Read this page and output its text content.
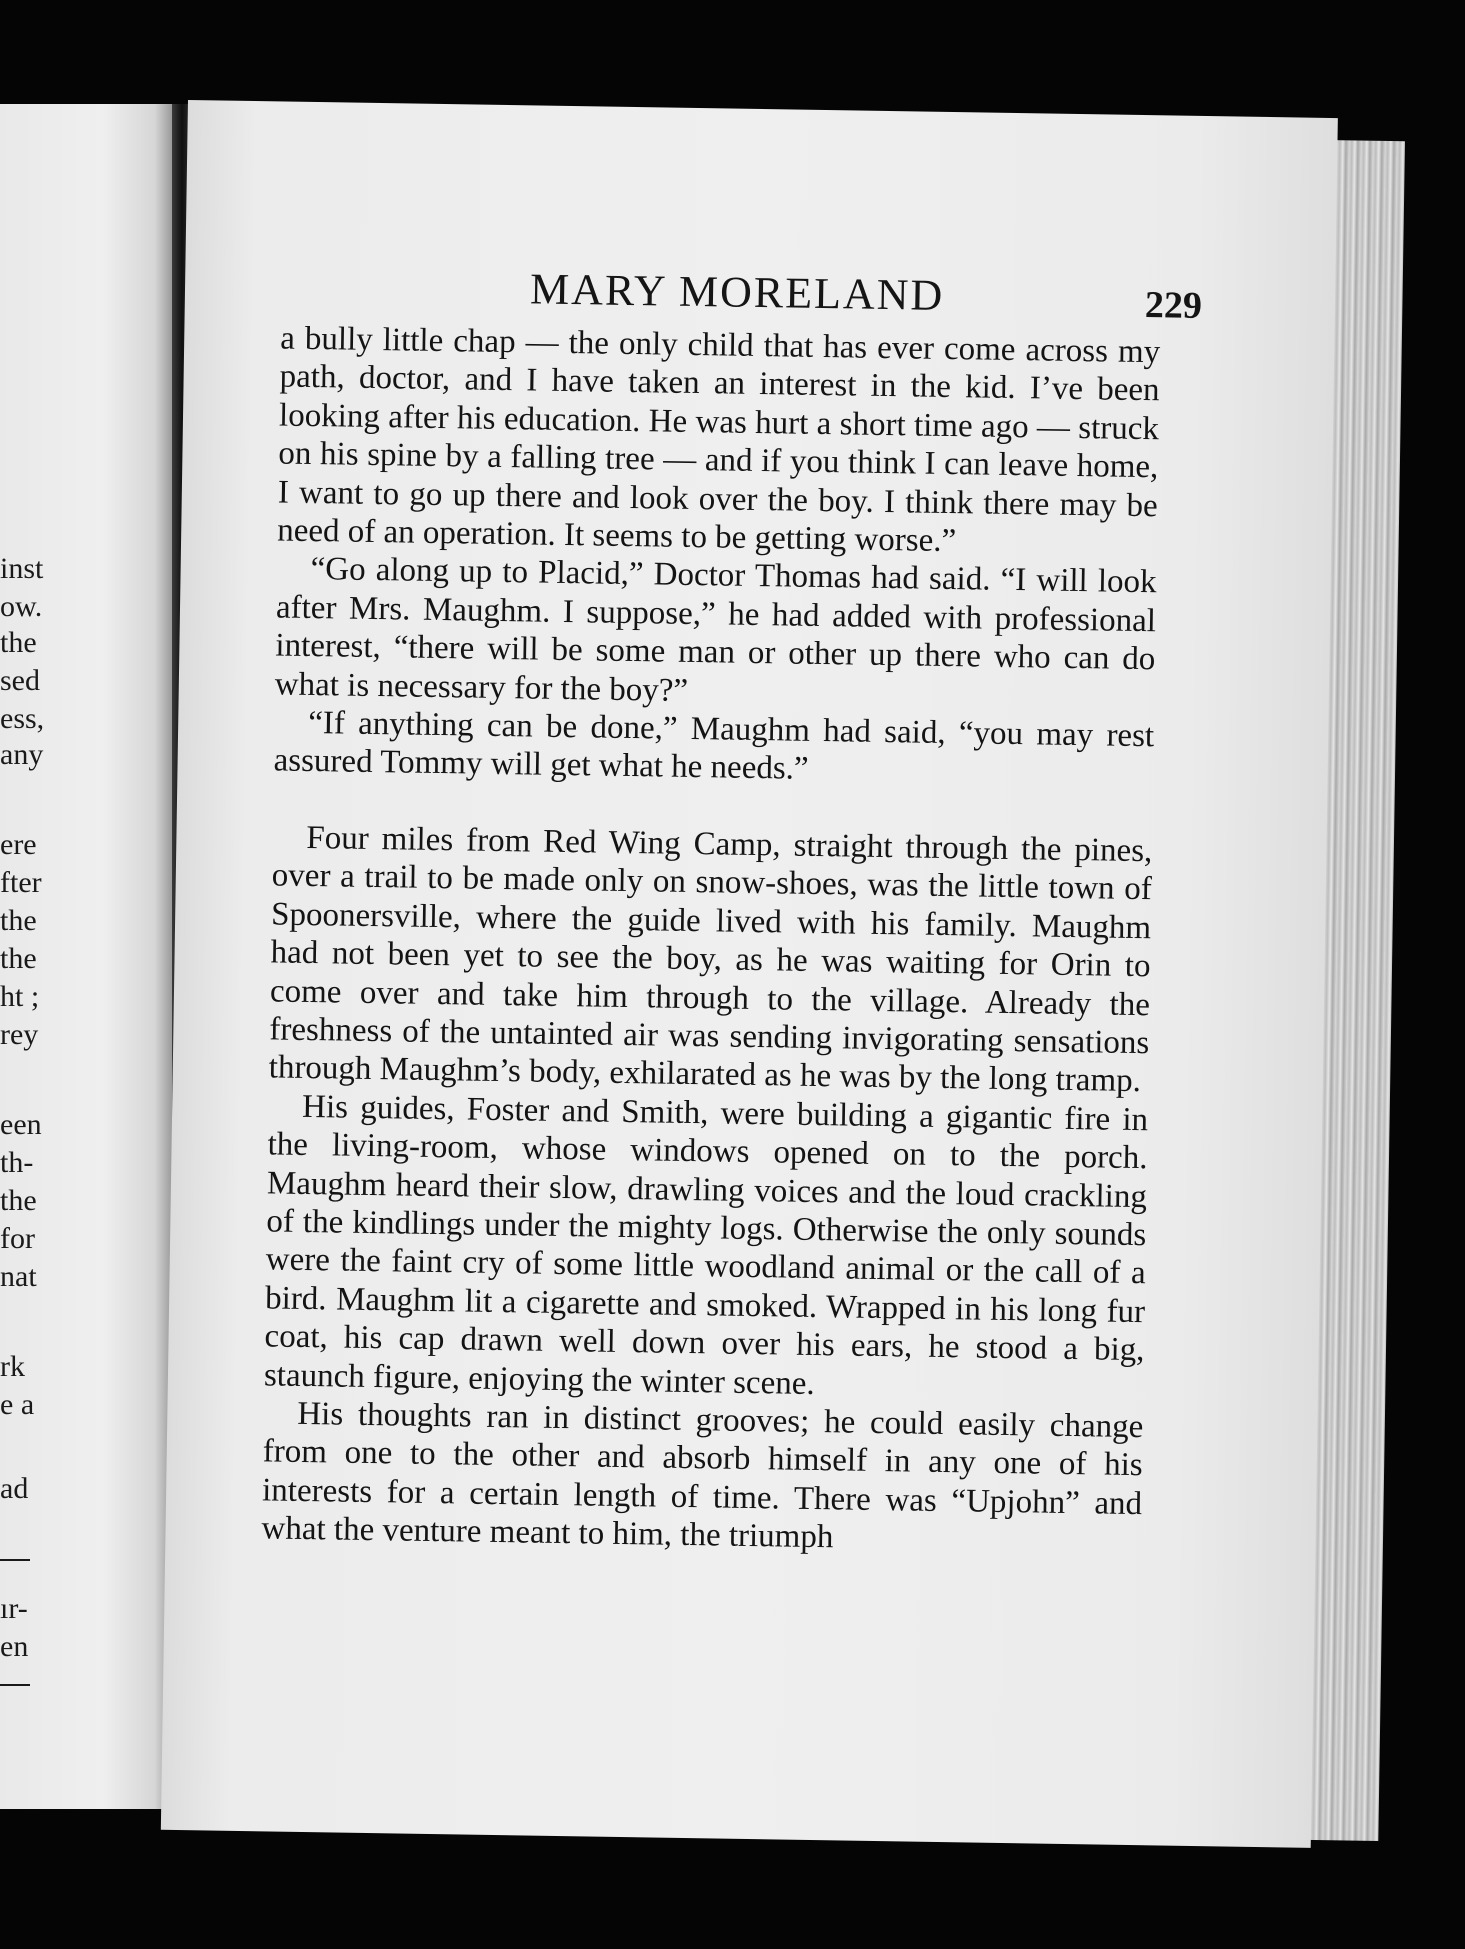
inst
ow.
the
sed
ess,
any
ere
fter
the
the
ht ;
rey
een
th-
the
for
nat
rk
e a
ad
ır-
en
MARY MORELAND	229

a bully little chap — the only child that has ever come across my path, doctor, and I have taken an interest in the kid. I’ve been looking after his education. He was hurt a short time ago — struck on his spine by a falling tree — and if you think I can leave home, I want to go up there and look over the boy. I think there may be need of an operation. It seems to be getting worse.”

“Go along up to Placid,” Doctor Thomas had said. “I will look after Mrs. Maughm. I suppose,” he had added with professional interest, “there will be some man or other up there who can do what is necessary for the boy?”

“If anything can be done,” Maughm had said, “you may rest assured Tommy will get what he needs.”

Four miles from Red Wing Camp, straight through the pines, over a trail to be made only on snow-shoes, was the little town of Spoonersville, where the guide lived with his family. Maughm had not been yet to see the boy, as he was waiting for Orin to come over and take him through to the village. Already the freshness of the untainted air was sending invigorating sensations through Maughm’s body, exhilarated as he was by the long tramp.

His guides, Foster and Smith, were building a gigantic fire in the living-room, whose windows opened on to the porch. Maughm heard their slow, drawling voices and the loud crackling of the kindlings under the mighty logs. Otherwise the only sounds were the faint cry of some little woodland animal or the call of a bird. Maughm lit a cigarette and smoked. Wrapped in his long fur coat, his cap drawn well down over his ears, he stood a big, staunch figure, enjoying the winter scene.

His thoughts ran in distinct grooves; he could easily change from one to the other and absorb himself in any one of his interests for a certain length of time. There was “Upjohn” and what the venture meant to him, the triumph
